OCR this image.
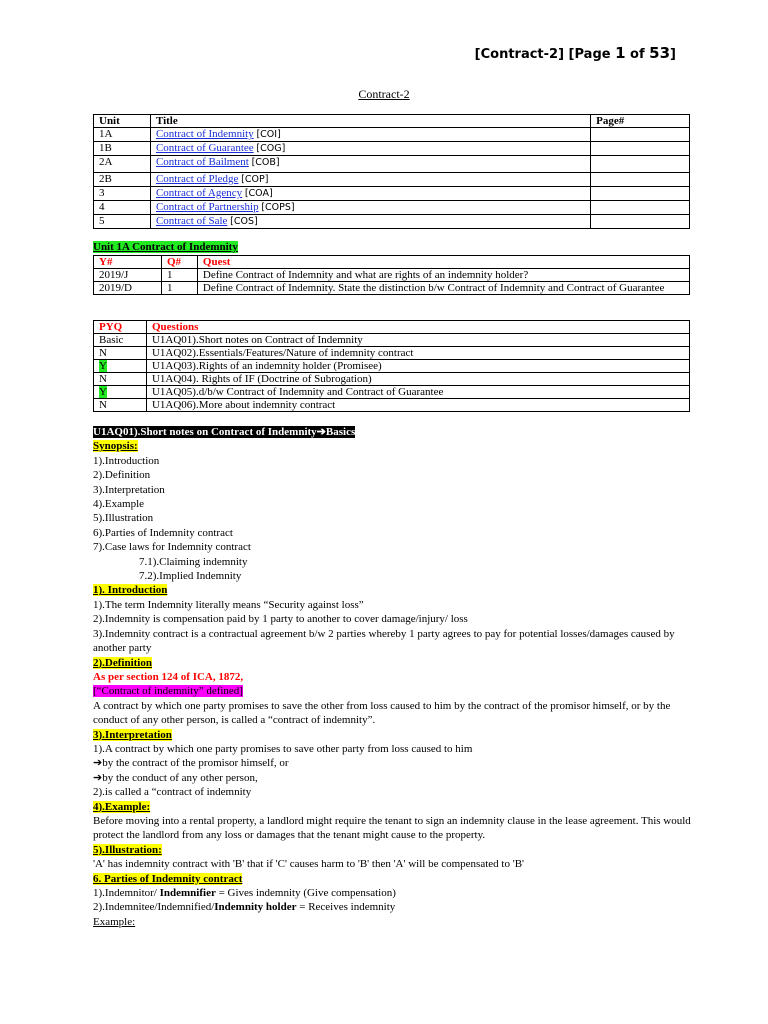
[Contract-2] [Page 1 of 53]
Contract-2
Unit	Title	Page#
1A	Contract of Indemnity [COI]	
1B	Contract of Guarantee [COG]	
2A	Contract of Bailment [COB]	
2B	Contract of Pledge [COP]	
3	Contract of Agency [COA]	
4	Contract of Partnership [COPS]	
5	Contract of Sale [COS]	
Unit 1A Contract of Indemnity
Y#	Q#	Quest
2019/J	1	Define Contract of Indemnity and what are rights of an indemnity holder?
2019/D	1	Define Contract of Indemnity. State the distinction b/w Contract of Indemnity and Contract of Guarantee
PYQ	Questions
Basic	U1AQ01).Short notes on Contract of Indemnity
N	U1AQ02).Essentials/Features/Nature of indemnity contract
Y	U1AQ03).Rights of an indemnity holder (Promisee)
N	U1AQ04). Rights of IF (Doctrine of Subrogation)
Y	U1AQ05).d/b/w Contract of Indemnity and Contract of Guarantee
N	U1AQ06).More about indemnity contract

U1AQ01).Short notes on Contract of Indemnity➔Basics

Synopsis:

1).Introduction

2).Definition

3).Interpretation

4).Example

5).Illustration

6).Parties of Indemnity contract

7).Case laws for Indemnity contract

7.1).Claiming indemnity

7.2).Implied Indemnity

1). Introduction

1).The term Indemnity literally means “Security against loss”

2).Indemnity is compensation paid by 1 party to another to cover damage/injury/ loss

3).Indemnity contract is a contractual agreement b/w 2 parties whereby 1 party agrees to pay for potential losses/damages caused by another party

2).Definition

As per section 124 of ICA, 1872,

[“Contract of indemnity” defined]

A contract by which one party promises to save the other from loss caused to him by the contract of the promisor himself, or by the conduct of any other person, is called a “contract of indemnity”.

3).Interpretation

1).A contract by which one party promises to save other party from loss caused to him

➔by the contract of the promisor himself, or

➔by the conduct of any other person,

2).is called a “contract of indemnity

4).Example:

Before moving into a rental property, a landlord might require the tenant to sign an indemnity clause in the lease agreement. This would protect the landlord from any loss or damages that the tenant might cause to the property.

5).Illustration:

'A' has indemnity contract with 'B' that if 'C' causes harm to 'B' then 'A' will be compensated to 'B'

6. Parties of Indemnity contract

1).Indemnitor/ Indemnifier = Gives indemnity (Give compensation)

2).Indemnitee/Indemnified/Indemnity holder = Receives indemnity

Example:
